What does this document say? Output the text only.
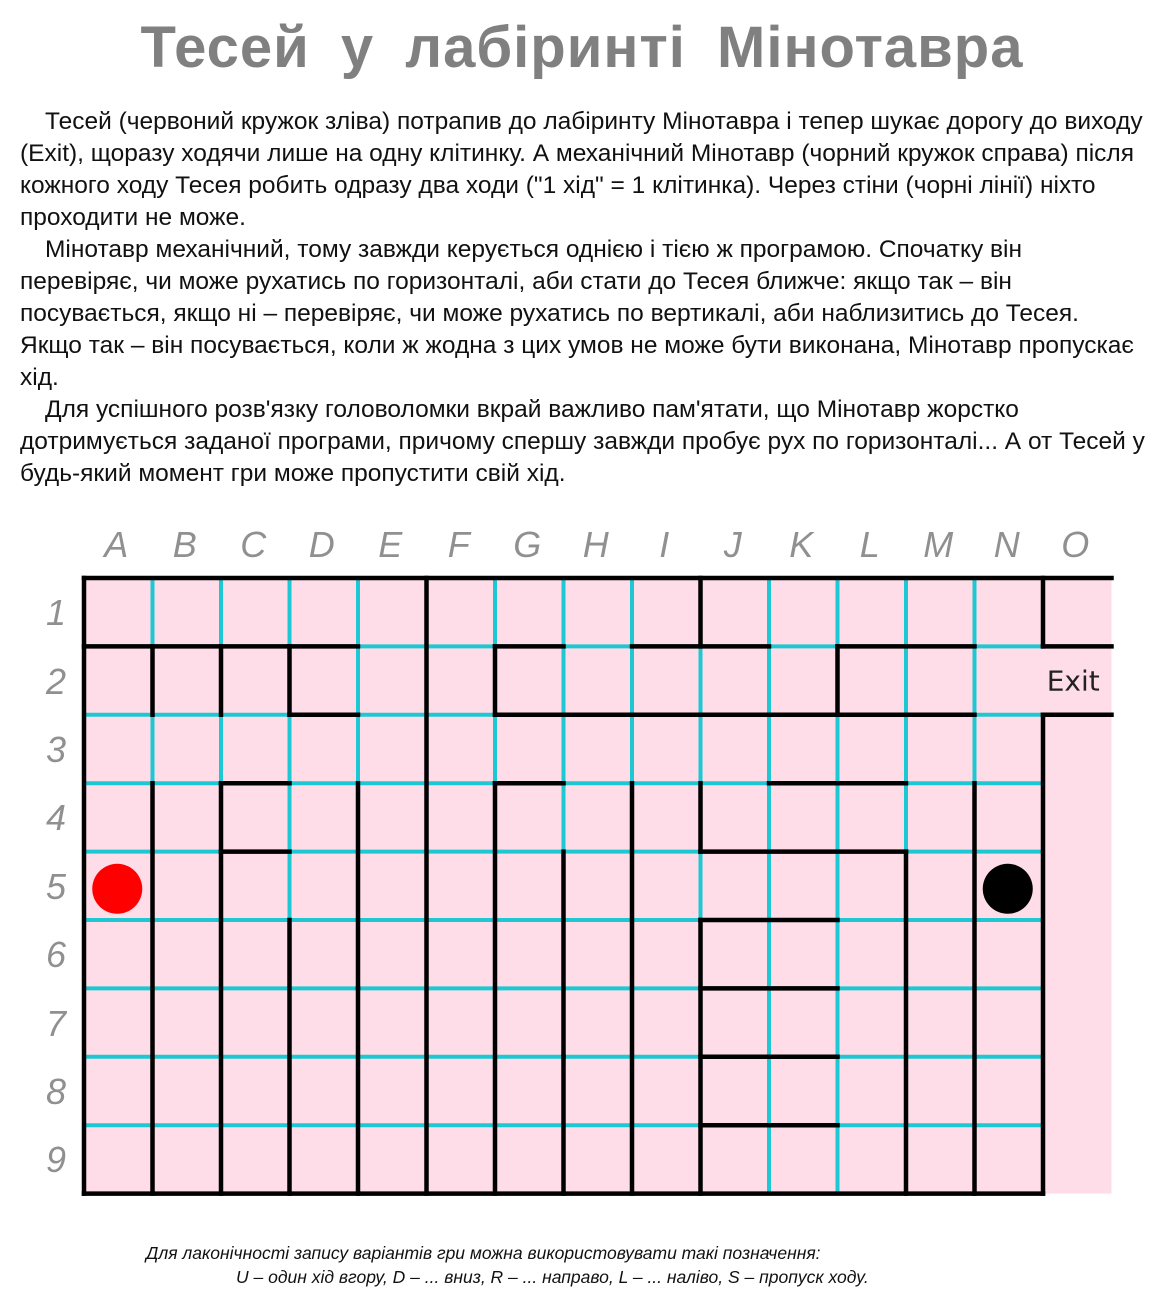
Тесей у лабіринті Мінотавра

Тесей (червоний кружок зліва) потрапив до лабіринту Мінотавра і тепер шукає дорогу до виходу (Exit), щоразу ходячи лише на одну клітинку. А механічний Мінотавр (чорний кружок справа) після кожного ходу Тесея робить одразу два ходи ("1 хід" = 1 клітинка). Через стіни (чорні лінії) ніхто проходити не може.

Мінотавр механічний, тому завжди керується однією і тією ж програмою. Спочатку він перевіряє, чи може рухатись по горизонталі, аби стати до Тесея ближче: якщо так – він посувається, якщо ні – перевіряє, чи може рухатись по вертикалі, аби наблизитись до Тесея. Якщо так – він посувається, коли ж жодна з цих умов не може бути виконана, Мінотавр пропускає хід.

Для успішного розв'язку головоломки вкрай важливо пам'ятати, що Мінотавр жорстко дотримується заданої програми, причому спершу завжди пробує рух по горизонталі... А от Тесей у будь-який момент гри може пропустити свій хід.

A	B	C	D	E	F	G	H	I	J	K	L	M	N	O
1
2
3
4
5
6
7
8
9
Exit
Для лаконічності запису варіантів гри можна використовувати такі позначення:
U – один хід вгору, D – ... вниз, R – ... направо, L – ... наліво, S – пропуск ходу.
